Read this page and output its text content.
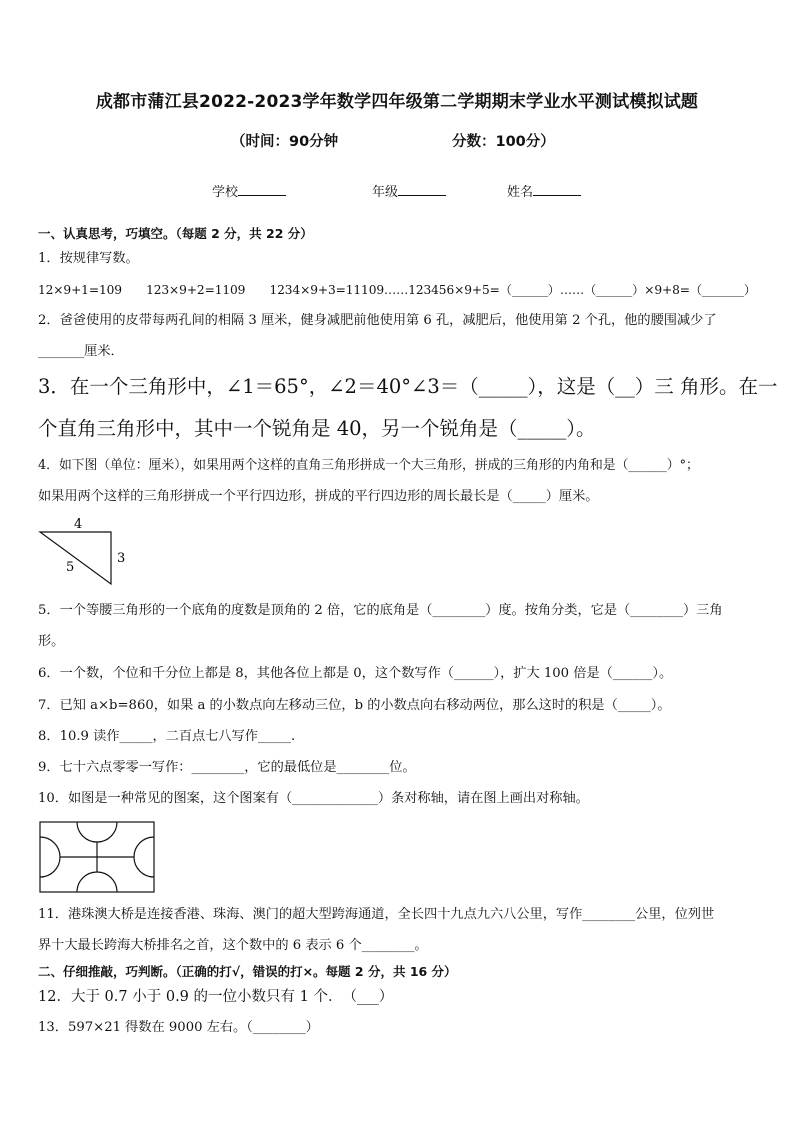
成都市蒲江县2022-2023学年数学四年级第二学期期末学业水平测试模拟试题
（时间：90分钟	分数：100分）
学校	年级	姓名
一、认真思考，巧填空。（每题 2 分，共 22 分）
1．按规律写数。
12×9+1=109　　123×9+2=1109　　1234×9+3=11109……123456×9+5=（______）……（______）×9+8=（_______）
2．爸爸使用的皮带每两孔间的相隔 3 厘米，健身减肥前他使用第 6 孔，减肥后，他使用第 2 个孔，他的腰围减少了
_______厘米．
3．在一个三角形中，∠1＝65°，∠2＝40°∠3＝（_____），这是（__）三 角形。在一
个直角三角形中，其中一个锐角是 40，另一个锐角是（_____）。
4．如下图（单位：厘米），如果用两个这样的直角三角形拼成一个大三角形，拼成的三角形的内角和是（______）°；
如果用两个这样的三角形拼成一个平行四边形，拼成的平行四边形的周长最长是（_____）厘米。
4
5
3
5．一个等腰三角形的一个底角的度数是顶角的 2 倍，它的底角是（________）度。按角分类，它是（________）三角
形。
6．一个数，个位和千分位上都是 8，其他各位上都是 0，这个数写作（______），扩大 100 倍是（______）。
7．已知 a×b=860，如果 a 的小数点向左移动三位，b 的小数点向右移动两位，那么这时的积是（_____）。
8．10.9 读作_____，二百点七八写作_____.
9．七十六点零零一写作：________，它的最低位是________位。
10．如图是一种常见的图案，这个图案有（_____________）条对称轴，请在图上画出对称轴。
11．港珠澳大桥是连接香港、珠海、澳门的超大型跨海通道，全长四十九点九六八公里，写作________公里，位列世
界十大最长跨海大桥排名之首，这个数中的 6 表示 6 个________。
二、仔细推敲，巧判断。（正确的打√，错误的打×。每题 2 分，共 16 分）
12．大于 0.7 小于 0.9 的一位小数只有 1 个．　（___）
13．597×21 得数在 9000 左右。（________）
